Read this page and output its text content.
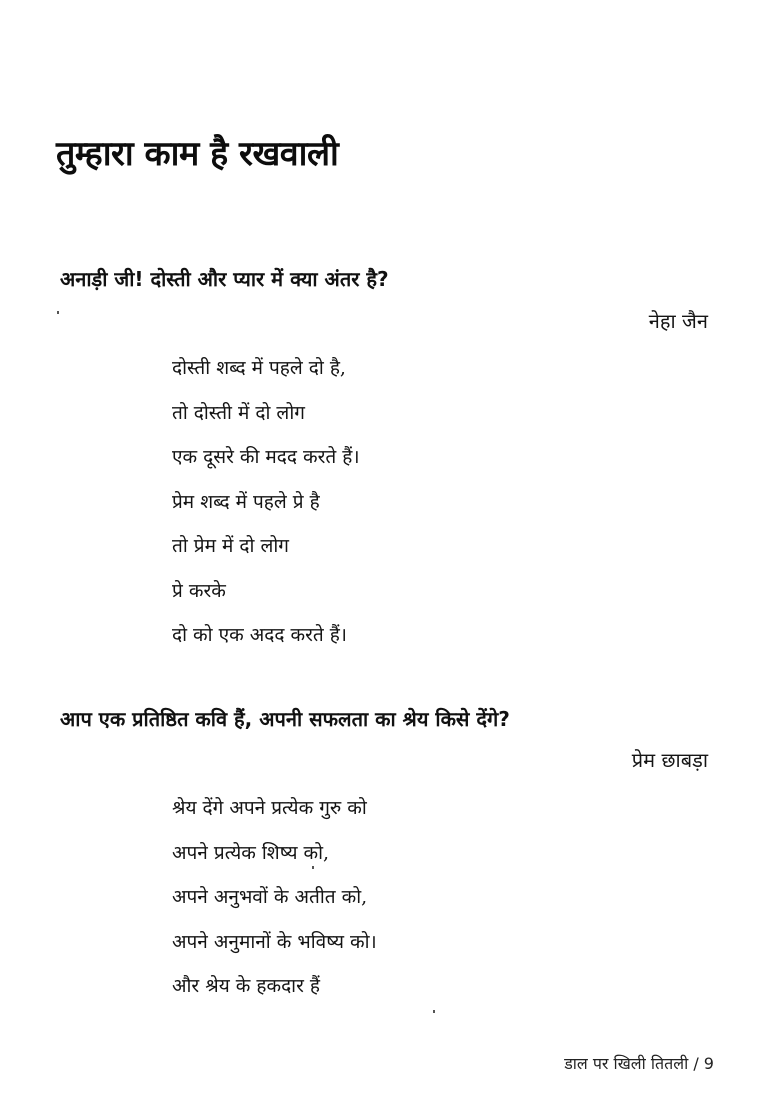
तुम्हारा काम है रखवाली
अनाड़ी जी! दोस्ती और प्यार में क्या अंतर है?
नेहा जैन
दोस्ती शब्द में पहले दो है,
तो दोस्ती में दो लोग
एक दूसरे की मदद करते हैं।
प्रेम शब्द में पहले प्रे है
तो प्रेम में दो लोग
प्रे करके
दो को एक अदद करते हैं।
आप एक प्रतिष्ठित कवि हैं, अपनी सफलता का श्रेय किसे देंगे?
प्रेम छाबड़ा
श्रेय देंगे अपने प्रत्येक गुरु को
अपने प्रत्येक शिष्य को,
अपने अनुभवों के अतीत को,
अपने अनुमानों के भविष्य को।
और श्रेय के हकदार हैं
डाल पर खिली तितली / 9
